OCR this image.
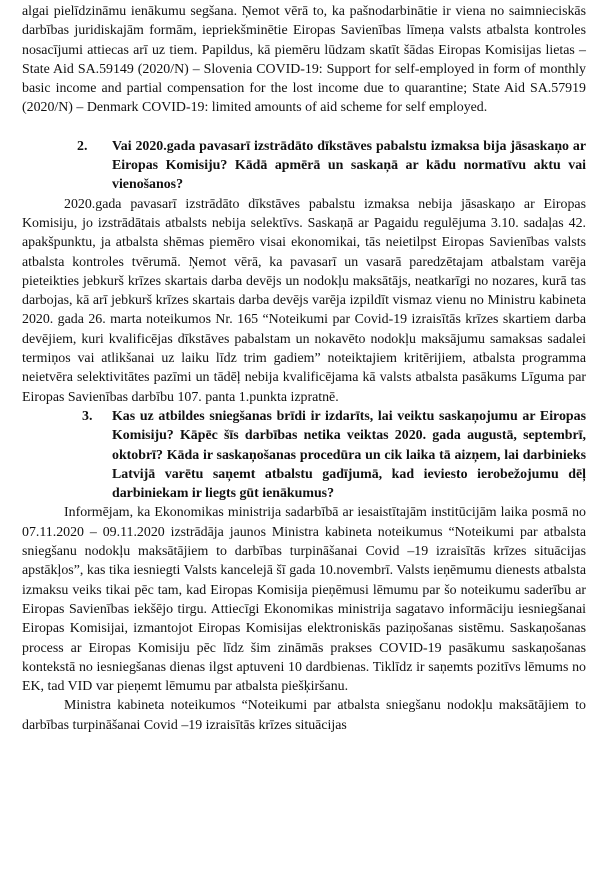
algai pielīdzināmu ienākumu segšana. Ņemot vērā to, ka pašnodarbinātie ir viena no saimnieciskās darbības juridiskajām formām, iepriekšminētie Eiropas Savienības līmeņa valsts atbalsta kontroles nosacījumi attiecas arī uz tiem. Papildus, kā piemēru lūdzam skatīt šādas Eiropas Komisijas lietas – State Aid SA.59149 (2020/N) – Slovenia COVID-19: Support for self-employed in form of monthly basic income and partial compensation for the lost income due to quarantine; State Aid SA.57919 (2020/N) – Denmark COVID-19: limited amounts of aid scheme for self employed.

2.	Vai 2020.gada pavasarī izstrādāto dīkstāves pabalstu izmaksa bija jāsaskaņo ar Eiropas Komisiju? Kādā apmērā un saskaņā ar kādu normatīvu aktu vai vienošanos?

2020.gada pavasarī izstrādāto dīkstāves pabalstu izmaksa nebija jāsaskaņo ar Eiropas Komisiju, jo izstrādātais atbalsts nebija selektīvs. Saskaņā ar Pagaidu regulējuma 3.10. sadaļas 42. apakšpunktu, ja atbalsta shēmas piemēro visai ekonomikai, tās neietilpst Eiropas Savienības valsts atbalsta kontroles tvērumā. Ņemot vērā, ka pavasarī un vasarā paredzētajam atbalstam varēja pieteikties jebkurš krīzes skartais darba devējs un nodokļu maksātājs, neatkarīgi no nozares, kurā tas darbojas, kā arī jebkurš krīzes skartais darba devējs varēja izpildīt vismaz vienu no Ministru kabineta 2020. gada 26. marta noteikumos Nr. 165 “Noteikumi par Covid-19 izraisītās krīzes skartiem darba devējiem, kuri kvalificējas dīkstāves pabalstam un nokavēto nodokļu maksājumu samaksas sadalei termiņos vai atlikšanai uz laiku līdz trim gadiem” noteiktajiem kritērijiem, atbalsta programma neietvēra selektivitātes pazīmi un tādēļ nebija kvalificējama kā valsts atbalsta pasākums Līguma par Eiropas Savienības darbību 107. panta 1.punkta izpratnē.

3.	Kas uz atbildes sniegšanas brīdi ir izdarīts, lai veiktu saskaņojumu ar Eiropas Komisiju? Kāpēc šīs darbības netika veiktas 2020. gada augustā, septembrī, oktobrī? Kāda ir saskaņošanas procedūra un cik laika tā aizņem, lai darbinieks Latvijā varētu saņemt atbalstu gadījumā, kad ieviesto ierobežojumu dēļ darbiniekam ir liegts gūt ienākumus?

Informējam, ka Ekonomikas ministrija sadarbībā ar iesaistītajām institūcijām laika posmā no 07.11.2020 – 09.11.2020 izstrādāja jaunos Ministra kabineta noteikumus “Noteikumi par atbalsta sniegšanu nodokļu maksātājiem to darbības turpināšanai Covid –19 izraisītās krīzes situācijas apstākļos”, kas tika iesniegti Valsts kancelejā šī gada 10.novembrī. Valsts ieņēmumu dienests atbalsta izmaksu veiks tikai pēc tam, kad Eiropas Komisija pieņēmusi lēmumu par šo noteikumu saderību ar Eiropas Savienības iekšējo tirgu. Attiecīgi Ekonomikas ministrija sagatavo informāciju iesniegšanai Eiropas Komisijai, izmantojot Eiropas Komisijas elektroniskās paziņošanas sistēmu. Saskaņošanas process ar Eiropas Komisiju pēc līdz šim zināmās prakses COVID-19 pasākumu saskaņošanas kontekstā no iesniegšanas dienas ilgst aptuveni 10 dardbienas. Tiklīdz ir saņemts pozitīvs lēmums no EK, tad VID var pieņemt lēmumu par atbalsta piešķiršanu.

Ministra kabineta noteikumos “Noteikumi par atbalsta sniegšanu nodokļu maksātājiem to darbības turpināšanai Covid –19 izraisītās krīzes situācijas
